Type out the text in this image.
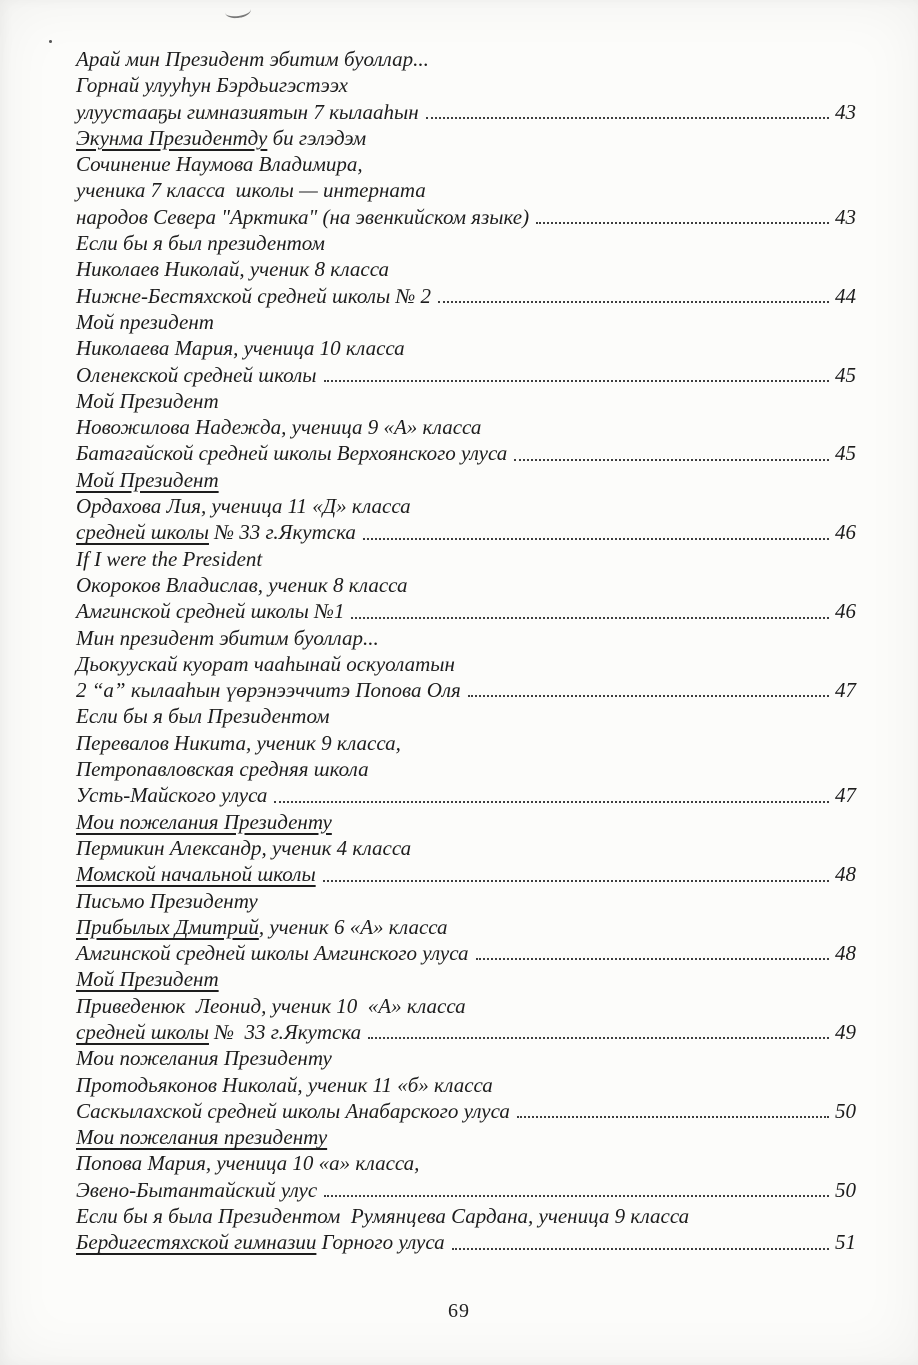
Арай мин Президент эбитим буоллар...
Горнай улууһун Бэрдьигэстээх
улуустааҕы гимназиятын 7 кылааһын	43
Экунма Президентду би гэлэдэм
Сочинение Наумова Владимира,
ученика 7 класса  школы — интерната
народов Севера "Арктика" (на эвенкийском языке)	43
Если бы я был президентом
Николаев Николай, ученик 8 класса
Нижне-Бестяхской средней школы № 2	44
Мой президент
Николаева Мария, ученица 10 класса
Оленекской средней школы	45
Мой Президент
Новожилова Надежда, ученица 9 «А» класса
Батагайской средней школы Верхоянского улуса	45
Мой Президент
Ордахова Лия, ученица 11 «Д» класса
средней школы № 33 г.Якутска	46
If I were the President
Окороков Владислав, ученик 8 класса
Амгинской средней школы №1	46
Мин президент эбитим буоллар...
Дьокуускай куорат чааһынай оскуолатын
2 “а” кылааһын үөрэнээччитэ Попова Оля	47
Если бы я был Президентом
Перевалов Никита, ученик 9 класса,
Петропавловская средняя школа
Усть-Майского улуса	47
Мои пожелания Президенту
Пермикин Александр, ученик 4 класса
Момской начальной школы	48
Письмо Президенту
Прибылых Дмитрий, ученик 6 «А» класса
Амгинской средней школы Амгинского улуса	48
Мой Президент
Приведенюк  Леонид, ученик 10  «А» класса
средней школы №  33 г.Якутска	49
Мои пожелания Президенту
Протодьяконов Николай, ученик 11 «б» класса
Саскылахской средней школы Анабарского улуса	50
Мои пожелания президенту
Попова Мария, ученица 10 «а» класса,
Эвено-Бытантайский улус	50
Если бы я была Президентом  Румянцева Сардана, ученица 9 класса
Бердигестяхской гимназии Горного улуса	51
69
